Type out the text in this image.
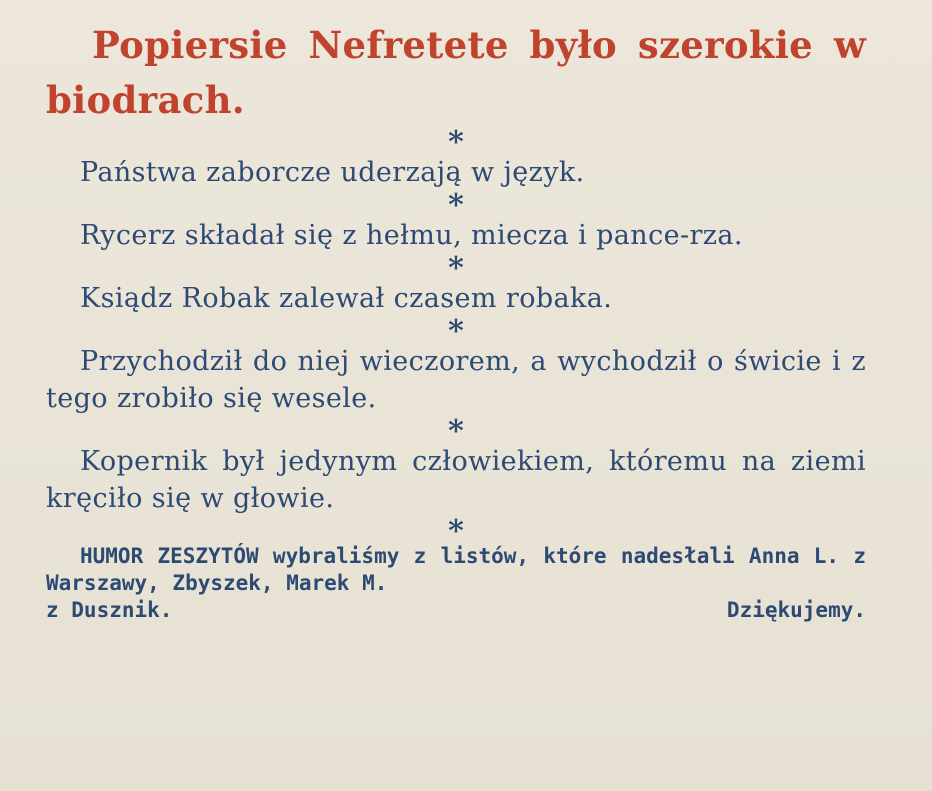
Popiersie Nefretete było szerokie w biodrach.
*

Państwa zaborcze uderzają w język.

*

Rycerz składał się z hełmu, miecza i pance-rza.

*

Ksiądz Robak zalewał czasem robaka.

*

Przychodził do niej wieczorem, a wychodził o świcie i z tego zrobiło się wesele.

*

Kopernik był jedynym człowiekiem, któremu na ziemi kręciło się w głowie.

*

HUMOR ZESZYTÓW wybraliśmy z listów, które nadesłali Anna L. z Warszawy, Zbyszek, Marek M.
z Dusznik.	Dziękujemy.
